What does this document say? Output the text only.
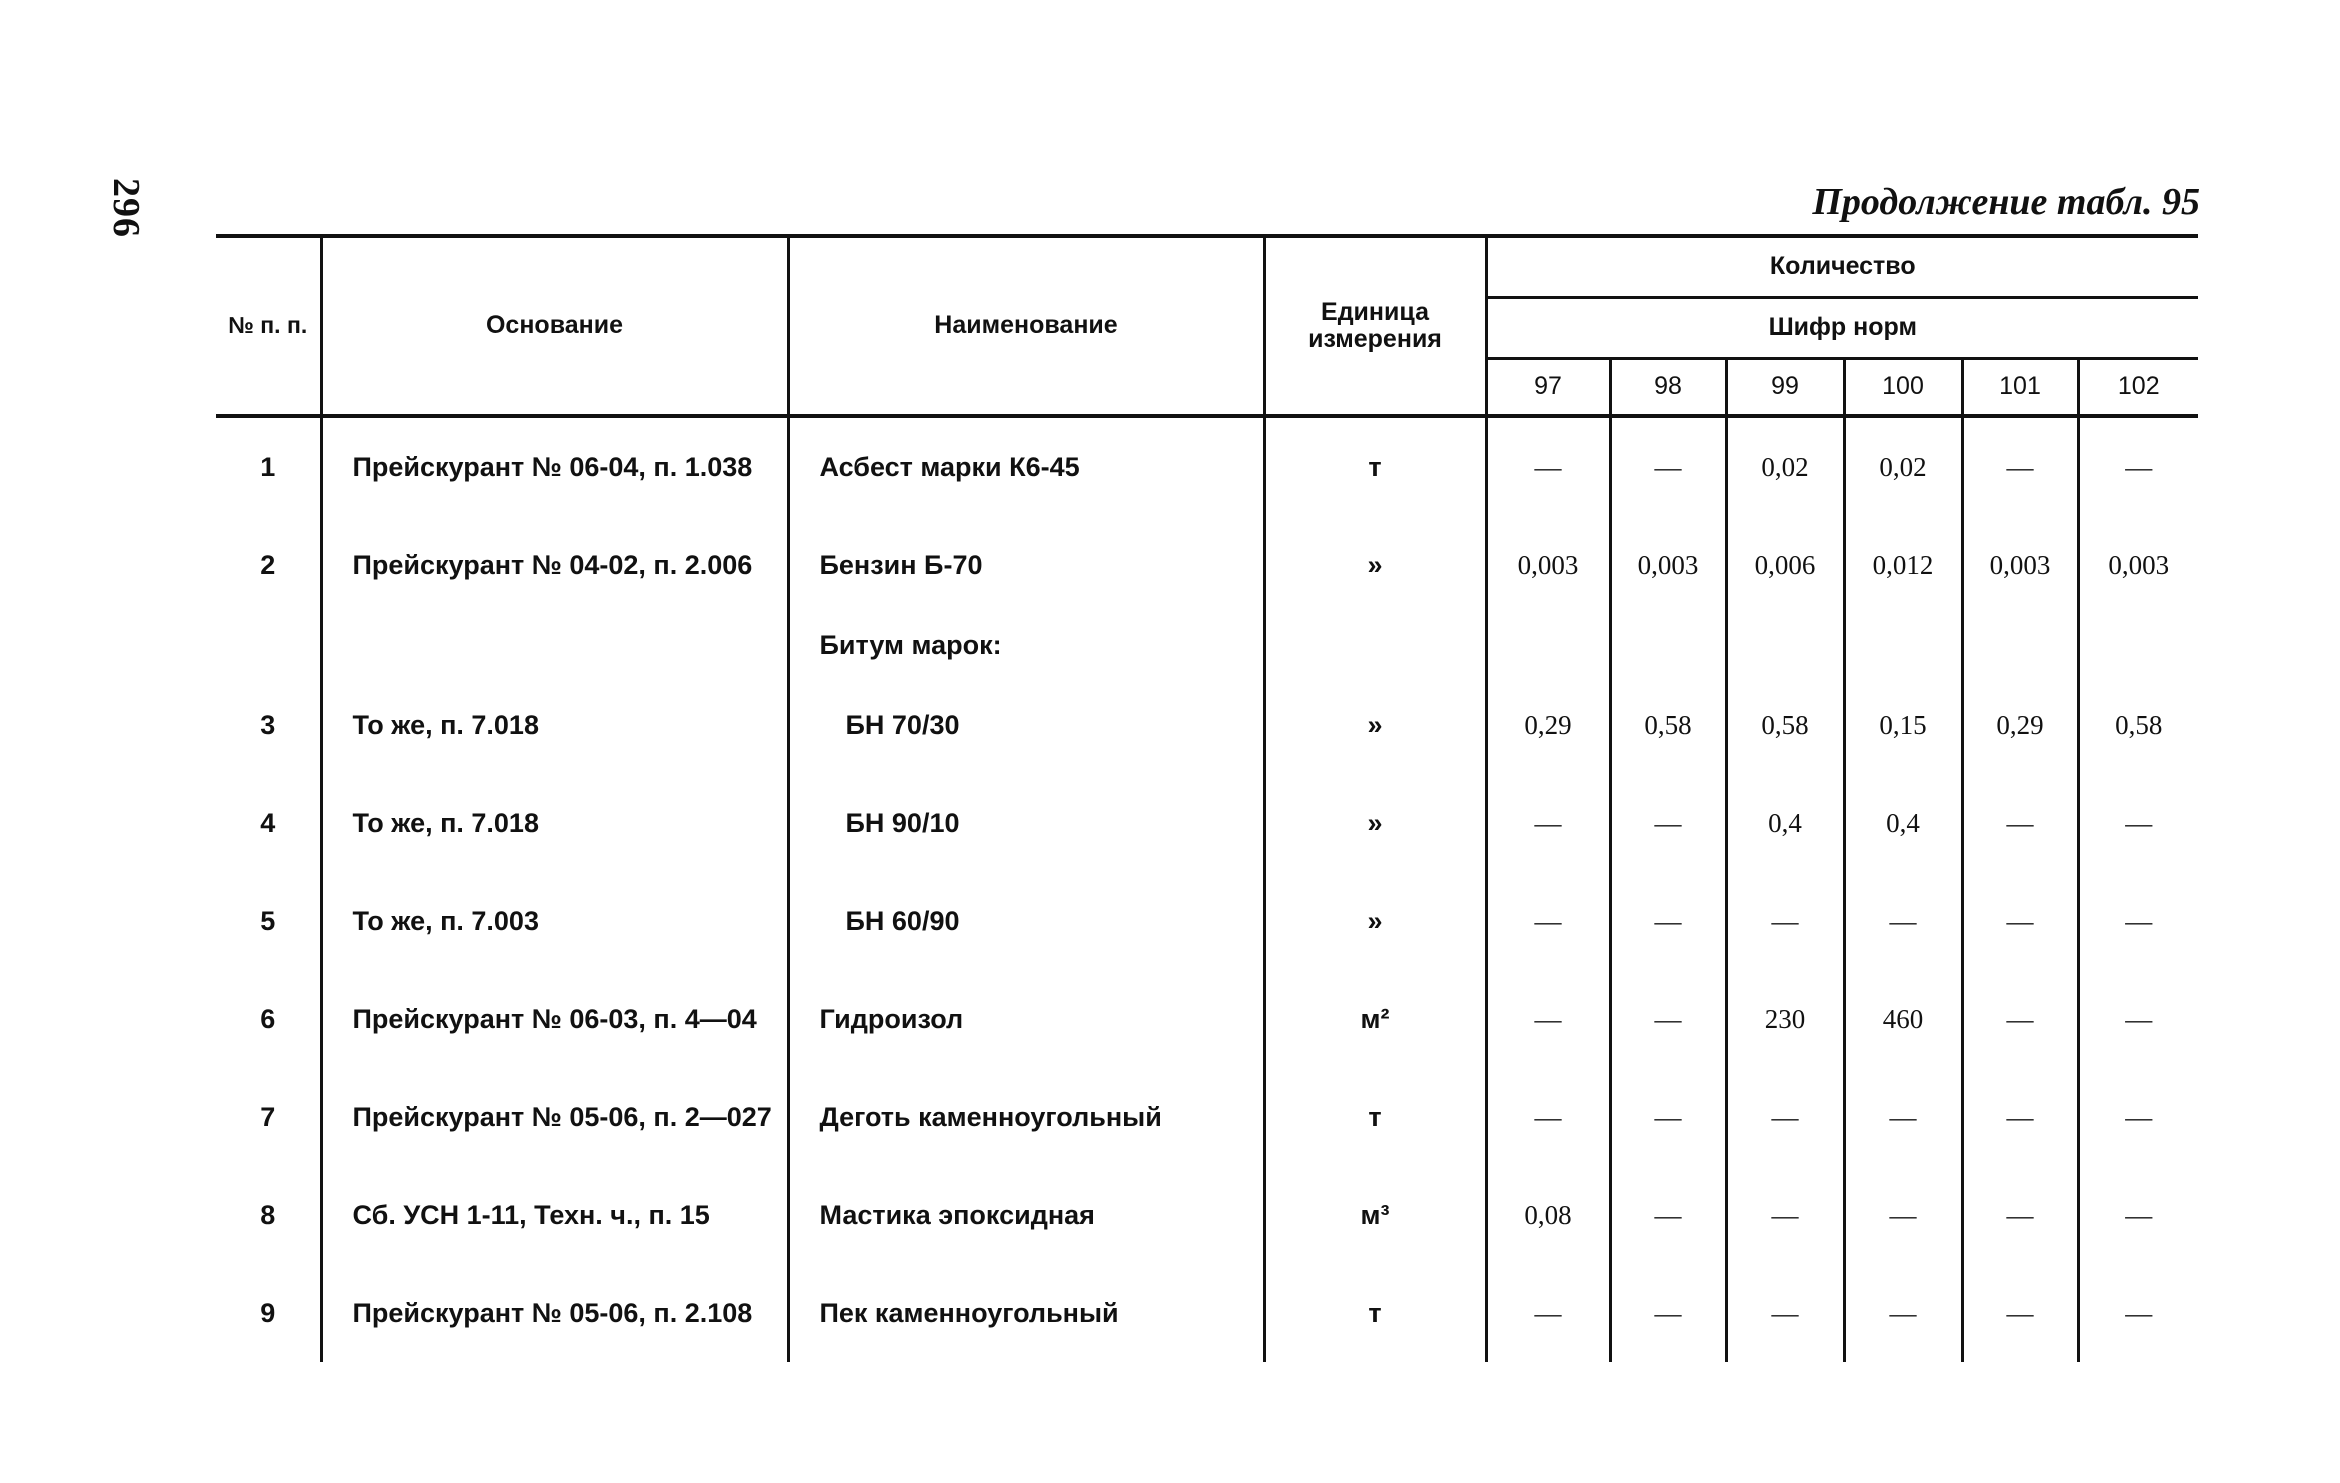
296	Продолжение табл. 95
№ п. п.	Основание	Наименование	Единица измерения	Количество					
				Шифр норм					
				97	98	99	100	101	102
1	Прейскурант № 06-04, п. 1.038	Асбест марки К6-45	т	—	—	0,02	0,02	—	—
2	Прейскурант № 04-02, п. 2.006	Бензин Б-70	»	0,003	0,003	0,006	0,012	0,003	0,003
		Битум марок:							
3	То же, п. 7.018	БН 70/30	»	0,29	0,58	0,58	0,15	0,29	0,58
4	То же, п. 7.018	БН 90/10	»	—	—	0,4	0,4	—	—
5	То же, п. 7.003	БН 60/90	»	—	—	—	—	—	—
6	Прейскурант № 06-03, п. 4—04	Гидроизол	м²	—	—	230	460	—	—
7	Прейскурант № 05-06, п. 2—027	Деготь каменноугольный	т	—	—	—	—	—	—
8	Сб. УСН 1-11, Техн. ч., п. 15	Мастика эпоксидная	м³	0,08	—	—	—	—	—
9	Прейскурант № 05-06, п. 2.108	Пек каменноугольный	т	—	—	—	—	—	—
